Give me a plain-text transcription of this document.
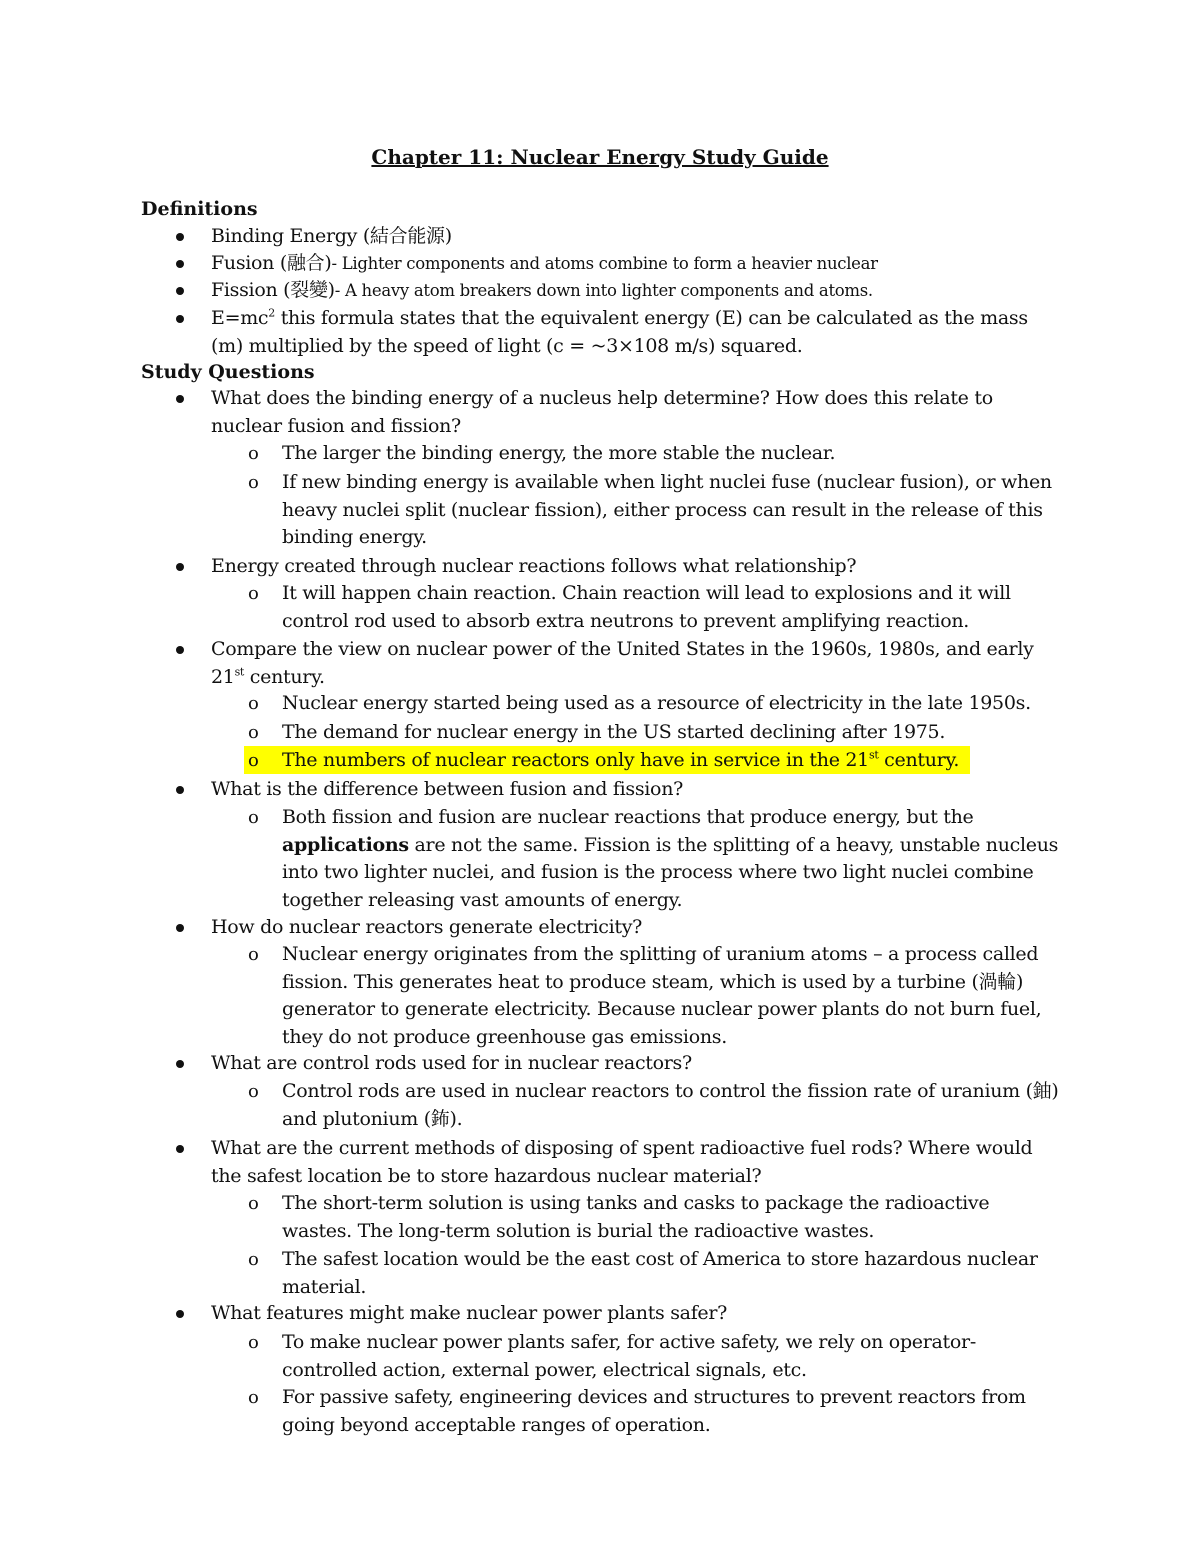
Chapter 11: Nuclear Energy Study Guide
Definitions
Binding Energy (結合能源)
Fusion (融合)- Lighter components and atoms combine to form a heavier nuclear
Fission (裂變)- A heavy atom breakers down into lighter components and atoms.
$E=mc^2$ this formula states that the equivalent energy (E) can be calculated as the mass (m) multiplied by the speed of light (c = ~3×108 m/s) squared.
Study Questions
What does the binding energy of a nucleus help determine? How does this relate to nuclear fusion and fission?
o The larger the binding energy, the more stable the nuclear.
o If new binding energy is available when light nuclei fuse (nuclear fusion), or when heavy nuclei split (nuclear fission), either process can result in the release of this binding energy.
Energy created through nuclear reactions follows what relationship?
o It will happen chain reaction. Chain reaction will lead to explosions and it will control rod used to absorb extra neutrons to prevent amplifying reaction.
Compare the view on nuclear power of the United States in the 1960s, 1980s, and early 21st century.
o Nuclear energy started being used as a resource of electricity in the late 1950s.
o The demand for nuclear energy in the US started declining after 1975.
o The numbers of nuclear reactors only have in service in the 21st century.
What is the difference between fusion and fission?
o Both fission and fusion are nuclear reactions that produce energy, but the applications are not the same. Fission is the splitting of a heavy, unstable nucleus into two lighter nuclei, and fusion is the process where two light nuclei combine together releasing vast amounts of energy.
How do nuclear reactors generate electricity?
o Nuclear energy originates from the splitting of uranium atoms – a process called fission. This generates heat to produce steam, which is used by a turbine (渦輪) generator to generate electricity. Because nuclear power plants do not burn fuel, they do not produce greenhouse gas emissions.
What are control rods used for in nuclear reactors?
o Control rods are used in nuclear reactors to control the fission rate of uranium (鈾) and plutonium (鈽).
What are the current methods of disposing of spent radioactive fuel rods? Where would the safest location be to store hazardous nuclear material?
o The short-term solution is using tanks and casks to package the radioactive wastes. The long-term solution is burial the radioactive wastes.
o The safest location would be the east cost of America to store hazardous nuclear material.
What features might make nuclear power plants safer?
o To make nuclear power plants safer, for active safety, we rely on operator-controlled action, external power, electrical signals, etc.
o For passive safety, engineering devices and structures to prevent reactors from going beyond acceptable ranges of operation.
